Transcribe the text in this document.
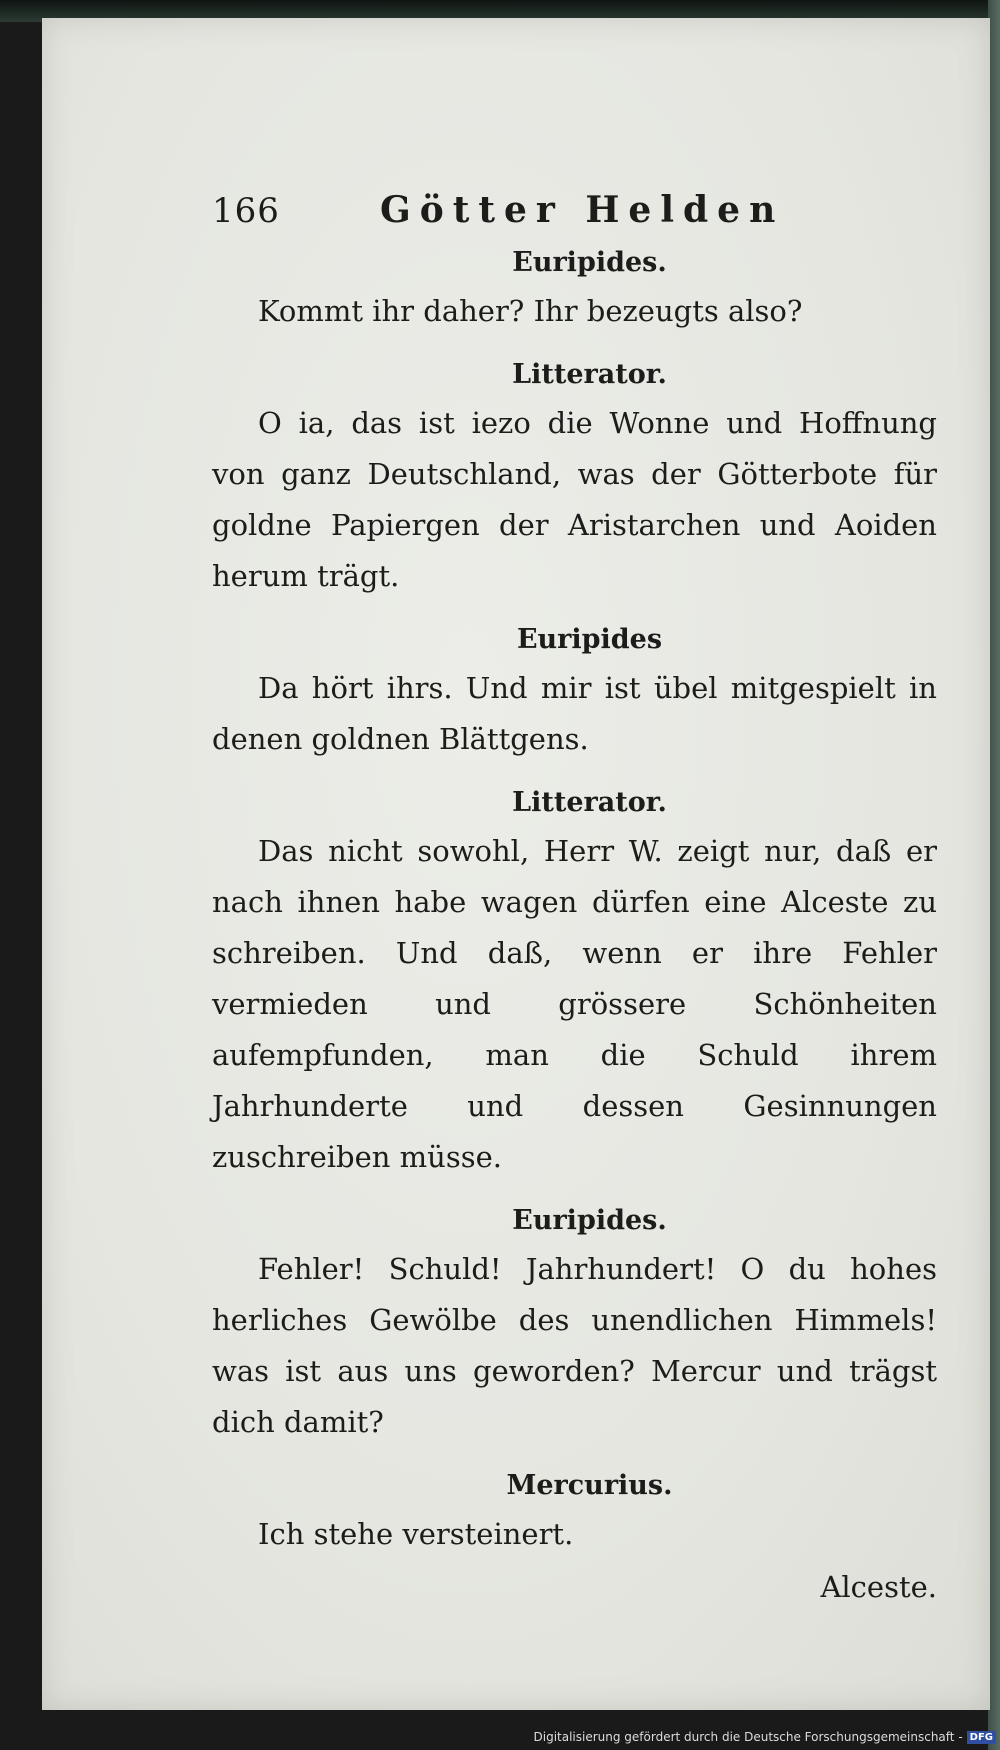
166	Götter Helden
Euripides.

Kommt ihr daher? Ihr bezeugts also?

Litterator.

O ia, das ist iezo die Wonne und Hoffnung von ganz Deutschland, was der Götterbote für goldne Papiergen der Aristarchen und Aoiden herum trägt.

Euripides

Da hört ihrs. Und mir ist übel mitgespielt in denen goldnen Blättgens.

Litterator.

Das nicht sowohl, Herr W. zeigt nur, daß er nach ihnen habe wagen dürfen eine Alceste zu schreiben. Und daß, wenn er ihre Fehler vermieden und grössere Schönheiten aufempfunden, man die Schuld ihrem Jahrhunderte und dessen Gesinnungen zuschreiben müsse.

Euripides.

Fehler! Schuld! Jahrhundert! O du hohes herliches Gewölbe des unendlichen Himmels! was ist aus uns geworden? Mercur und trägst dich damit?

Mercurius.

Ich stehe versteinert.

Alceste.
Digitalisierung gefördert durch die Deutsche Forschungsgemeinschaft - DFG
